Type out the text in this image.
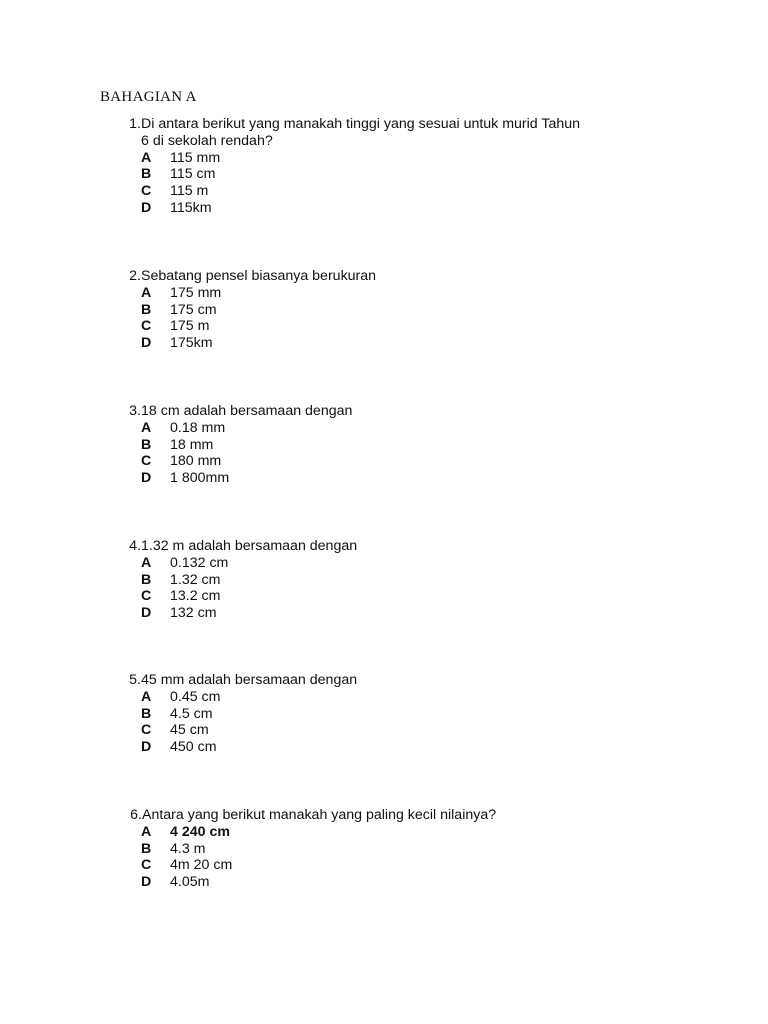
BAHAGIAN A
1. Di antara berikut yang manakah tinggi yang sesuai untuk murid Tahun 6 di sekolah rendah?
A	115 mm
B	115 cm
C	115 m
D	115km
2. Sebatang pensel biasanya berukuran
A	175 mm
B	175 cm
C	175 m
D	175km
3. 18 cm adalah bersamaan dengan
A	0.18 mm
B	18 mm
C	180 mm
D	1 800mm
4. 1.32 m adalah bersamaan dengan
A	0.132 cm
B	1.32 cm
C	13.2 cm
D	132 cm
5. 45 mm adalah bersamaan dengan
A	0.45 cm
B	4.5 cm
C	45 cm
D	450 cm
6. Antara yang berikut manakah yang paling kecil nilainya?
A	4 240 cm
B	4.3 m
C	4m 20 cm
D	4.05m
